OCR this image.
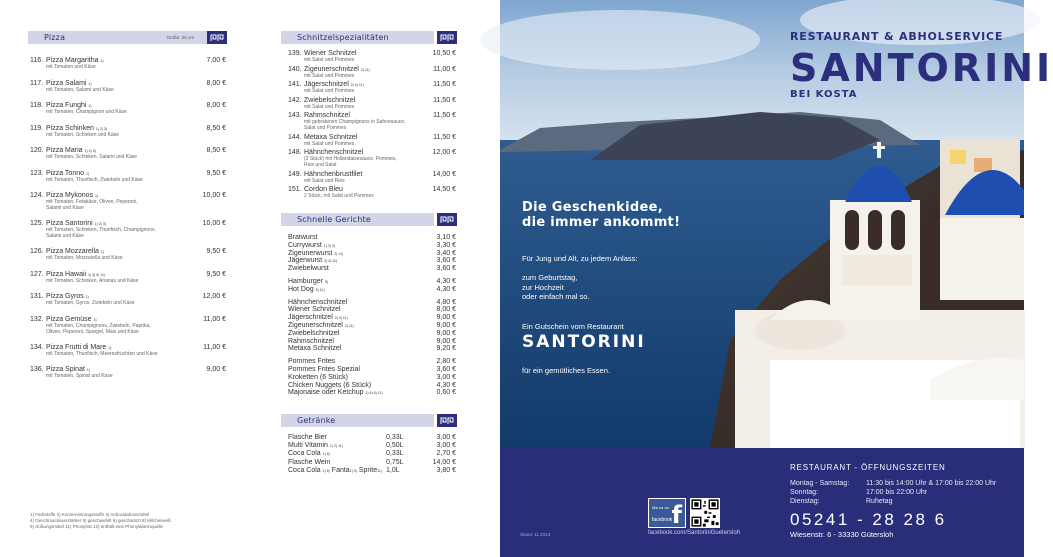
Pizza	Größe: 26 cm
116. Pizza Margaritha $^{1)}$
mit Tomaten und Käse
7,00 €
117. Pizza Salami $^{1)}$
mit Tomaten, Salami und Käse
8,00 €
118. Pizza Funghi $^{1)}$
mit Tomaten, Champignon und Käse
8,00 €
119. Pizza Schinken $^{1) 2) 3)}$
mit Tomaten, Schinken und Käse
8,50 €
120. Pizza Maria $^{1) 2) 3)}$
mit Tomaten, Schinken, Salami und Käse
8,50 €
123. Pizza Tonno $^{1)}$
mit Tomaten, Thunfisch, Zwiebeln und Käse
9,50 €
124. Pizza Mykonos $^{1)}$
mit Tomaten, Fetakäse, Oliven, Peperoni,
Salami und Käse
10,00 €
125. Pizza Santorini $^{1) 2) 3)}$
mit Tomaten, Schinken, Thunfisch, Champignons,
Salami und Käse
10,00 €
126. Pizza Mozzarella $^{1)}$
mit Tomaten, Mozzarella und Käse
9,50 €
127. Pizza Hawaii $^{1) 3) 9) 11)}$
mit Tomaten, Schinken, Ananas und Käse
9,50 €
131. Pizza Gyros $^{1)}$
mit Tomaten, Gyros, Zwiebeln und Käse
12,00 €
132. Pizza Gemüse $^{1)}$
mit Tomaten, Champignons, Zwiebeln, Paprika,
Oliven, Peperoni, Spargel, Mais und Käse
11,00 €
134. Pizza Frutti di Mare $^{1)}$
mit Tomaten, Thunfisch, Meeresfrüchten und Käse
11,00 €
136. Pizza Spinat $^{1)}$
mit Tomaten, Spinat und Käse
9,00 €
1) Farbstoffe 2) Konservierungsstoffe 3) Antioxidationsmittel
4) Geschmacksverstärker 5) geschwefelt 6) geschwärzt 8) Milcheiweiß
9) Süßungsmittel 11) Phosphat 12) enthält eine Phenylalaninquelle
Schnitzelspezialitäten
139. Wiener Schnitzel
mit Salat und Pommes
10,50 €
140. Zigeunerschnitzel $^{2) 11)}$
mit Salat und Pommes
11,00 €
141. Jägerschnitzel $^{2) 4) 11)}$
mit Salat und Pommes
11,50 €
142. Zwiebelschnitzel
mit Salat und Pommes
11,50 €
143. Rahmschnitzel
mit gebratenen Champignons in Sahnesauce,
Salat und Pommes
11,50 €
144. Metaxa Schnitzel
mit Salat und Pommes
11,50 €
148. Hähnchenschnitzel
(2 Stück) mit Hollandaisesauce, Pommes,
Reis und Salat
12,00 €
149. Hähnchenbrustfilet
mit Salat und Reis
14,00 €
151. Cordon Bleu
2 Stück, mit Salat und Pommes
14,50 €
Schnelle Gerichte
Bratwurst	3,10 €
Currywurst $^{1) 2) 3)}$	3,30 €
Zigeunerwurst $^{2) 11)}$	3,40 €
Jägerwurst $^{2) 4) 11)}$	3,60 €
Zwiebelwurst	3,60 €
Hamburger $^{5)}$	4,30 €
Hot Dog $^{5) 11)}$	4,30 €
Hähnchenschnitzel	4,80 €
Wiener Schnitzel	8,00 €
Jägerschnitzel $^{2) 4) 11)}$	9,00 €
Zigeunerschnitzel $^{2) 11)}$	9,00 €
Zwiebelschnitzel	9,00 €
Rahmschnitzel	9,00 €
Metaxa Schnitzel	9,20 €
Pommes Frites	2,80 €
Pommes Frites Spezial	3,60 €
Kroketten (6 Stück)	3,00 €
Chicken Nuggets (6 Stück)	4,30 €
Majonaise oder Ketchup $^{1) 4) 6) 11)}$	0,60 €
Getränke
Flasche Bier	0,33L	3,00 €
Multi Vitamin $^{1) 2) 11)}$	0,50L	3,00 €
Coca Cola $^{1) 6)}$	0,33L	2,70 €
Flasche Wein	0,75L	14,00 €
Coca Cola $^{1) 6)}$ Fanta$^{1) 3)}$ Sprite$^{11)}$ 1,0L	3,80 €
RESTAURANT & ABHOLSERVICE
SANTORINI
BEI KOSTA
Die Geschenkidee,
die immer ankommt!
Für Jung und Alt, zu jedem Anlass:
zum Geburtstag,
zur Hochzeit
oder einfach mal so.
Ein Gutschein vom Restaurant
SANTORINI
für ein gemütliches Essen.
Stand: 11.2024
like us on
facebook f
facebook.com/SantoriniGuetersloh
RESTAURANT - ÖFFNUNGSZEITEN
Montag - Samstag: 11:30 bis 14:00 Uhr & 17:00 bis 22:00 Uhr
Sonntag:	17:00 bis 22:00 Uhr
Dienstag:	Ruhetag
05241 - 28 28 6
Wiesenstr. 6 - 33330 Gütersloh
